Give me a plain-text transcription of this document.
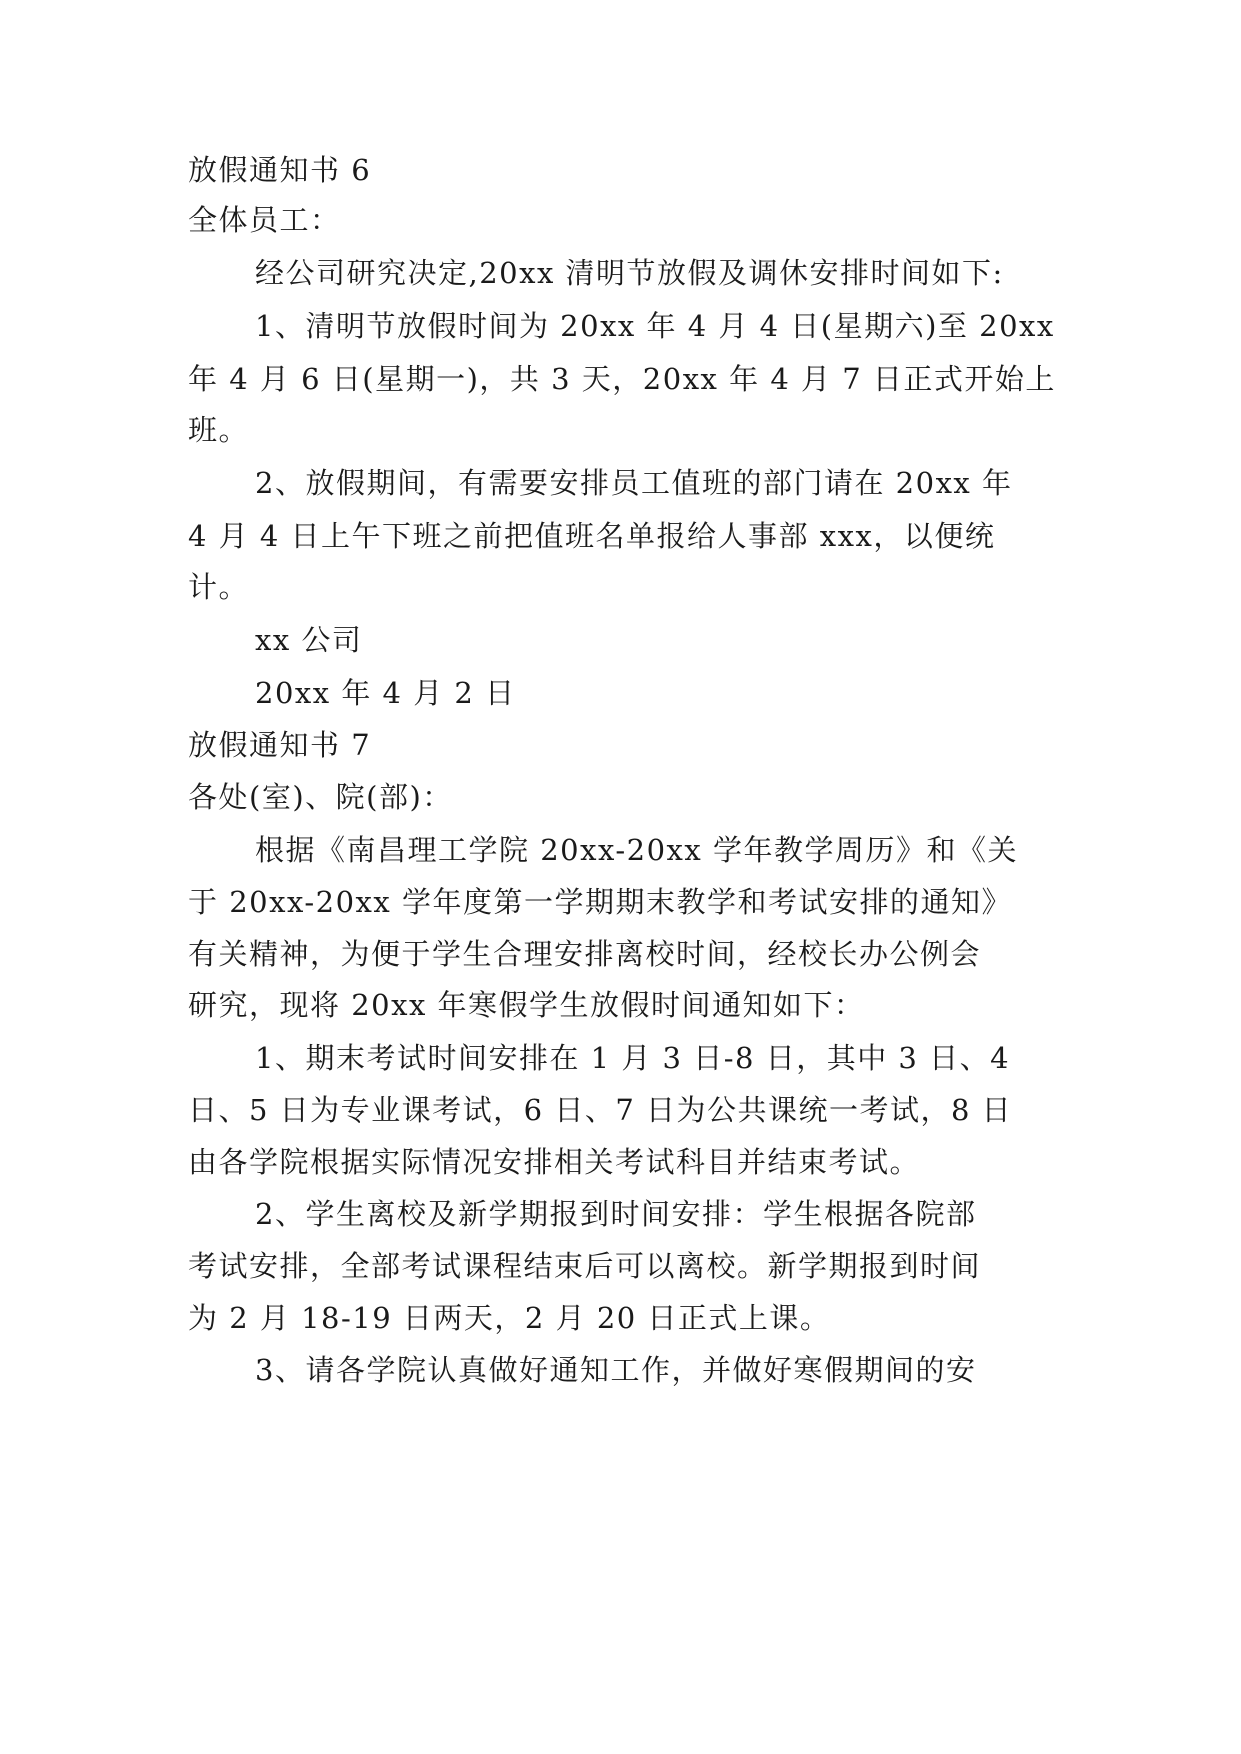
放假通知书 6
全体员工：
经公司研究决定,20xx 清明节放假及调休安排时间如下:
1、清明节放假时间为 20xx 年 4 月 4 日(星期六)至 20xx
年 4 月 6 日(星期一)，共 3 天，20xx 年 4 月 7 日正式开始上
班。
2、放假期间，有需要安排员工值班的部门请在 20xx 年
4 月 4 日上午下班之前把值班名单报给人事部 xxx，以便统
计。
xx 公司
20xx 年 4 月 2 日
放假通知书 7
各处(室)、院(部)：
根据《南昌理工学院 20xx-20xx 学年教学周历》和《关
于 20xx-20xx 学年度第一学期期末教学和考试安排的通知》
有关精神，为便于学生合理安排离校时间，经校长办公例会
研究，现将 20xx 年寒假学生放假时间通知如下：
1、期末考试时间安排在 1 月 3 日-8 日，其中 3 日、4
日、5 日为专业课考试，6 日、7 日为公共课统一考试，8 日
由各学院根据实际情况安排相关考试科目并结束考试。
2、学生离校及新学期报到时间安排：学生根据各院部
考试安排，全部考试课程结束后可以离校。新学期报到时间
为 2 月 18-19 日两天，2 月 20 日正式上课。
3、请各学院认真做好通知工作，并做好寒假期间的安
